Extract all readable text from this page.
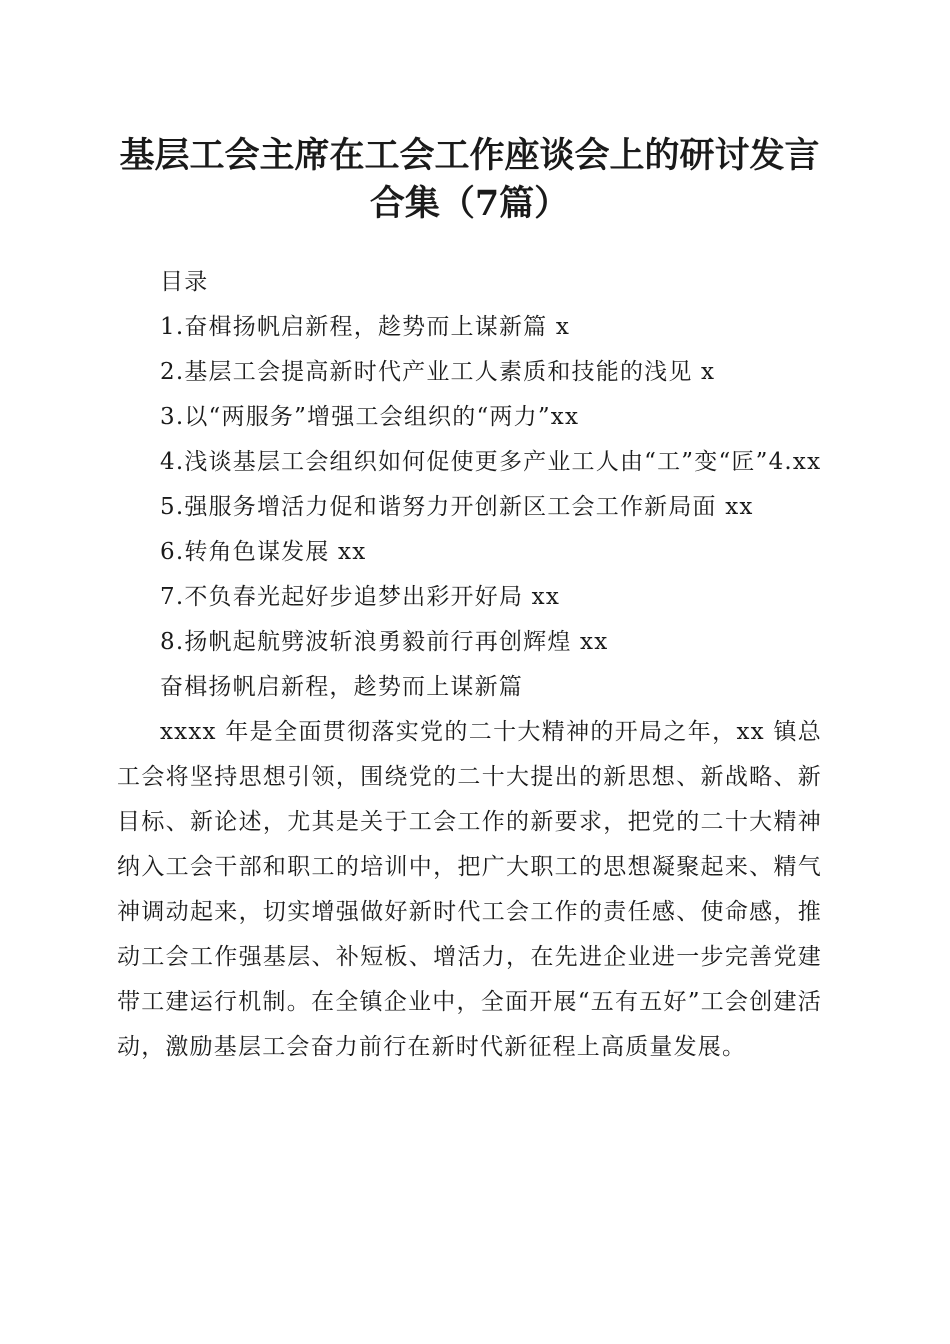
基层工会主席在工会工作座谈会上的研讨发言
合集（7篇）

目录

1.奋楫扬帆启新程，趁势而上谋新篇 x

2.基层工会提高新时代产业工人素质和技能的浅见 x

3.以“两服务”增强工会组织的“两力”xx

4.浅谈基层工会组织如何促使更多产业工人由“工”变“匠”4.xx

5.强服务增活力促和谐努力开创新区工会工作新局面 xx

6.转角色谋发展 xx

7.不负春光起好步追梦出彩开好局 xx

8.扬帆起航劈波斩浪勇毅前行再创辉煌 xx

奋楫扬帆启新程，趁势而上谋新篇

xxxx 年是全面贯彻落实党的二十大精神的开局之年，xx 镇总工会将坚持思想引领，围绕党的二十大提出的新思想、新战略、新目标、新论述，尤其是关于工会工作的新要求，把党的二十大精神纳入工会干部和职工的培训中，把广大职工的思想凝聚起来、精气神调动起来，切实增强做好新时代工会工作的责任感、使命感，推动工会工作强基层、补短板、增活力，在先进企业进一步完善党建带工建运行机制。在全镇企业中，全面开展“五有五好”工会创建活动，激励基层工会奋力前行在新时代新征程上高质量发展。
